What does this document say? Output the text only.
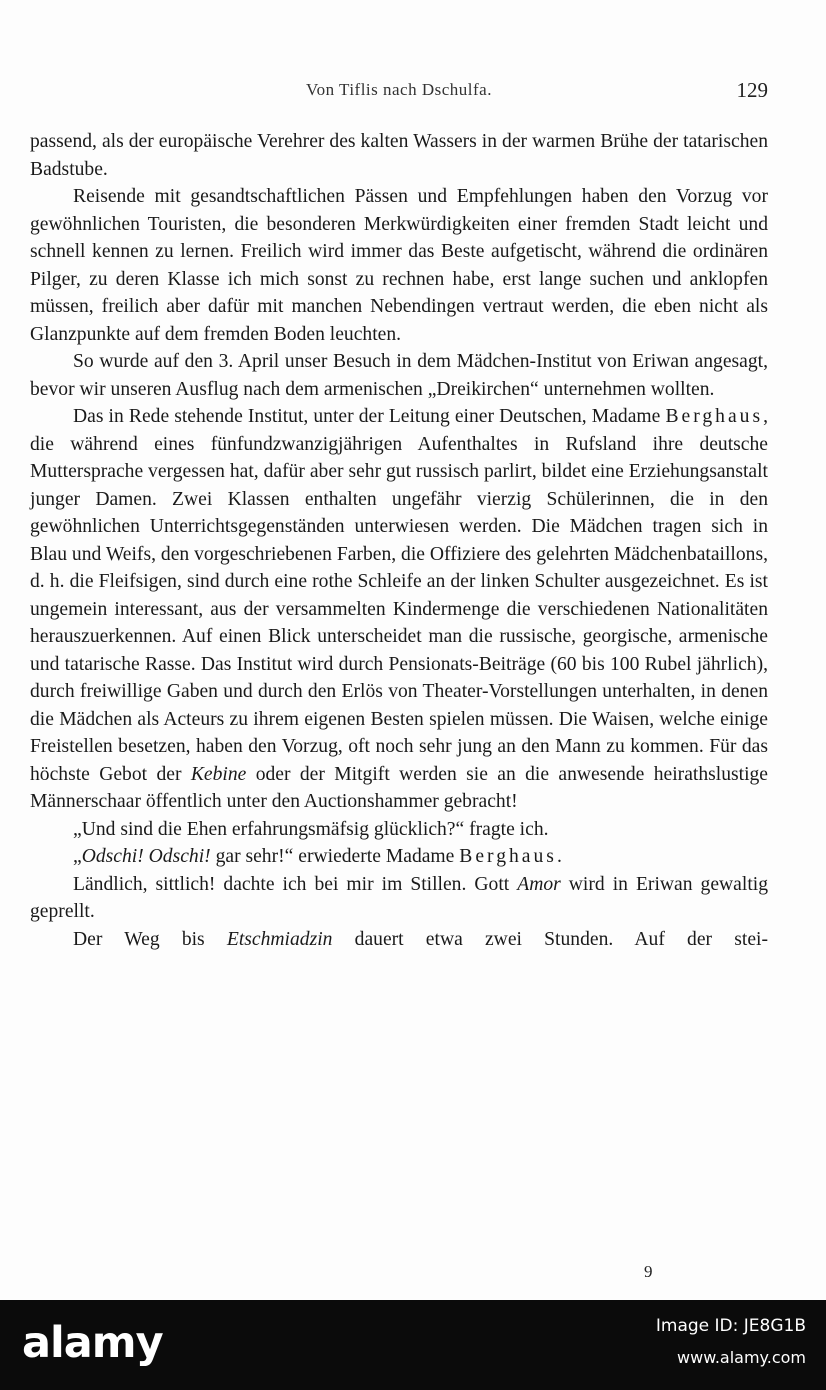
Von Tiflis nach Dschulfa.	129

passend, als der europäische Verehrer des kalten Wassers in der warmen Brühe der tatarischen Badstube.

Reisende mit gesandtschaftlichen Pässen und Empfehlungen haben den Vorzug vor gewöhnlichen Touristen, die besonderen Merkwürdigkeiten einer fremden Stadt leicht und schnell kennen zu lernen. Freilich wird immer das Beste aufgetischt, während die ordinären Pilger, zu deren Klasse ich mich sonst zu rechnen habe, erst lange suchen und anklopfen müssen, freilich aber dafür mit manchen Nebendingen vertraut werden, die eben nicht als Glanzpunkte auf dem fremden Boden leuchten.

So wurde auf den 3. April unser Besuch in dem Mädchen-Institut von Eriwan angesagt, bevor wir unseren Ausflug nach dem armenischen „Dreikirchen“ unternehmen wollten.

Das in Rede stehende Institut, unter der Leitung einer Deutschen, Madame Berghaus, die während eines fünfundzwanzigjährigen Aufenthaltes in Rufsland ihre deutsche Muttersprache vergessen hat, dafür aber sehr gut russisch parlirt, bildet eine Erziehungsanstalt junger Damen. Zwei Klassen enthalten ungefähr vierzig Schülerinnen, die in den gewöhnlichen Unterrichtsgegenständen unterwiesen werden. Die Mädchen tragen sich in Blau und Weifs, den vorgeschriebenen Farben, die Offiziere des gelehrten Mädchenbataillons, d. h. die Fleifsigen, sind durch eine rothe Schleife an der linken Schulter ausgezeichnet. Es ist ungemein interessant, aus der versammelten Kindermenge die verschiedenen Nationalitäten herauszuerkennen. Auf einen Blick unterscheidet man die russische, georgische, armenische und tatarische Rasse. Das Institut wird durch Pensionats-Beiträge (60 bis 100 Rubel jährlich), durch freiwillige Gaben und durch den Erlös von Theater-Vorstellungen unterhalten, in denen die Mädchen als Acteurs zu ihrem eigenen Besten spielen müssen. Die Waisen, welche einige Freistellen besetzen, haben den Vorzug, oft noch sehr jung an den Mann zu kommen. Für das höchste Gebot der Kebine oder der Mitgift werden sie an die anwesende heirathslustige Männerschaar öffentlich unter den Auctionshammer gebracht!

„Und sind die Ehen erfahrungsmäfsig glücklich?“ fragte ich.

„Odschi! Odschi! gar sehr!“ erwiederte Madame Berghaus.

Ländlich, sittlich! dachte ich bei mir im Stillen. Gott Amor wird in Eriwan gewaltig geprellt.

Der Weg bis Etschmiadzin dauert etwa zwei Stunden. Auf der stei-

9
alamy	Image ID: JE8G1B
www.alamy.com
